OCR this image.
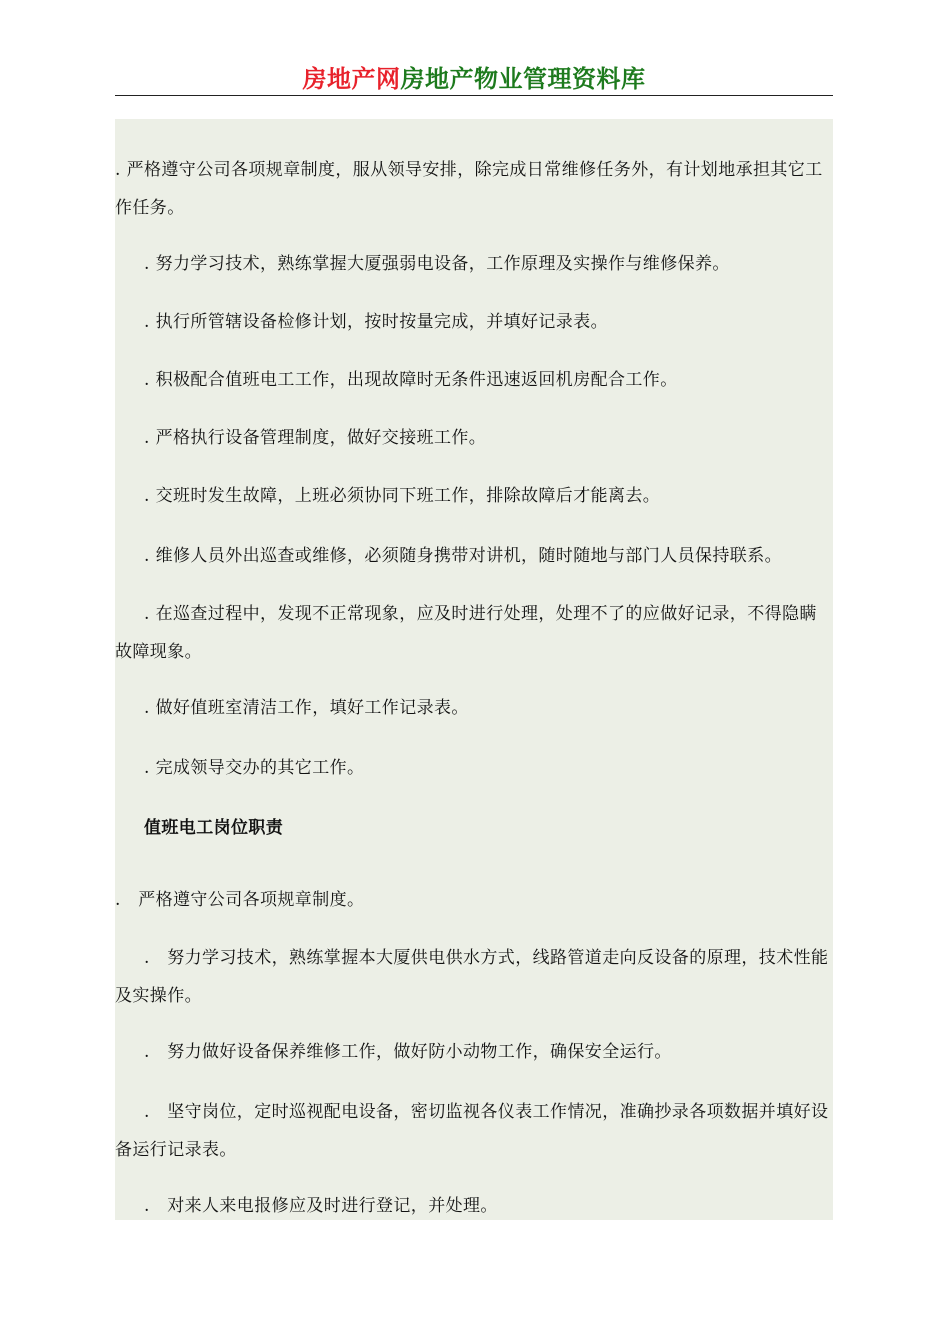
房地产网房地产物业管理资料库
. 严格遵守公司各项规章制度，服从领导安排，除完成日常维修任务外，有计划地承担其它工作任务。
. 努力学习技术，熟练掌握大厦强弱电设备，工作原理及实操作与维修保养。
. 执行所管辖设备检修计划，按时按量完成，并填好记录表。
. 积极配合值班电工工作，出现故障时无条件迅速返回机房配合工作。
. 严格执行设备管理制度，做好交接班工作。
. 交班时发生故障，上班必须协同下班工作，排除故障后才能离去。
. 维修人员外出巡查或维修，必须随身携带对讲机，随时随地与部门人员保持联系。
. 在巡查过程中，发现不正常现象，应及时进行处理，处理不了的应做好记录，不得隐瞒故障现象。
. 做好值班室清洁工作，填好工作记录表。
. 完成领导交办的其它工作。
值班电工岗位职责
.　严格遵守公司各项规章制度。
.　努力学习技术，熟练掌握本大厦供电供水方式，线路管道走向反设备的原理，技术性能及实操作。
.　努力做好设备保养维修工作，做好防小动物工作，确保安全运行。
.　坚守岗位，定时巡视配电设备，密切监视各仪表工作情况，准确抄录各项数据并填好设备运行记录表。
.　对来人来电报修应及时进行登记，并处理。
